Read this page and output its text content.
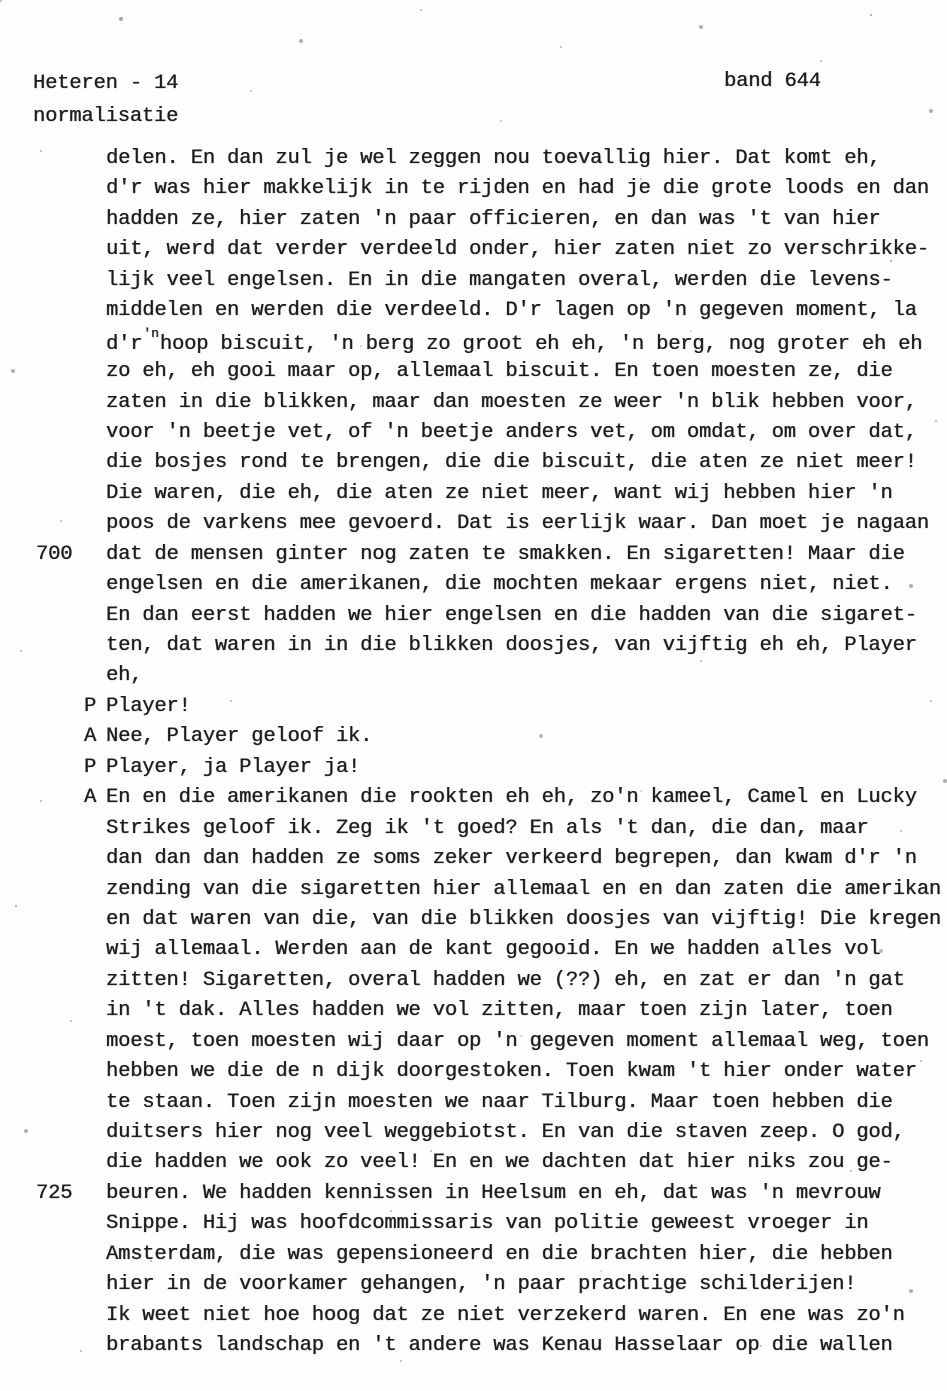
Heteren - 14	band 644
normalisatie
delen. En dan zul je wel zeggen nou toevallig hier. Dat komt eh,
d'r was hier makkelijk in te rijden en had je die grote loods en dan
hadden ze, hier zaten 'n paar officieren, en dan was 't van hier
uit, werd dat verder verdeeld onder, hier zaten niet zo verschrikke-
lijk veel engelsen. En in die mangaten overal, werden die levens-
middelen en werden die verdeeld. D'r lagen op 'n gegeven moment, la
$d'r^{'n}hoop$ biscuit, 'n berg zo groot eh eh, 'n berg, nog groter eh eh
zo eh, eh gooi maar op, allemaal biscuit. En toen moesten ze, die
zaten in die blikken, maar dan moesten ze weer 'n blik hebben voor,
voor 'n beetje vet, of 'n beetje anders vet, om omdat, om over dat,
die bosjes rond te brengen, die die biscuit, die aten ze niet meer!
Die waren, die eh, die aten ze niet meer, want wij hebben hier 'n
poos de varkens mee gevoerd. Dat is eerlijk waar. Dan moet je nagaan
700 dat de mensen ginter nog zaten te smakken. En sigaretten! Maar die
engelsen en die amerikanen, die mochten mekaar ergens niet, niet.
En dan eerst hadden we hier engelsen en die hadden van die sigaret-
ten, dat waren in in die blikken doosjes, van vijftig eh eh, Player
eh,
P Player!
A Nee, Player geloof ik.
P Player, ja Player ja!
A En en die amerikanen die rookten eh eh, zo'n kameel, Camel en Lucky
Strikes geloof ik. Zeg ik 't goed? En als 't dan, die dan, maar
dan dan dan hadden ze soms zeker verkeerd begrepen, dan kwam d'r 'n
zending van die sigaretten hier allemaal en en dan zaten die amerikan
en dat waren van die, van die blikken doosjes van vijftig! Die kregen
wij allemaal. Werden aan de kant gegooid. En we hadden alles vol
zitten! Sigaretten, overal hadden we (??) eh, en zat er dan 'n gat
in 't dak. Alles hadden we vol zitten, maar toen zijn later, toen
moest, toen moesten wij daar op 'n gegeven moment allemaal weg, toen
hebben we die de n dijk doorgestoken. Toen kwam 't hier onder water
te staan. Toen zijn moesten we naar Tilburg. Maar toen hebben die
duitsers hier nog veel weggebiotst. En van die staven zeep. O god,
die hadden we ook zo veel! En en we dachten dat hier niks zou ge-
725 beuren. We hadden kennissen in Heelsum en eh, dat was 'n mevrouw
Snippe. Hij was hoofdcommissaris van politie geweest vroeger in
Amsterdam, die was gepensioneerd en die brachten hier, die hebben
hier in de voorkamer gehangen, 'n paar prachtige schilderijen!
Ik weet niet hoe hoog dat ze niet verzekerd waren. En ene was zo'n
brabants landschap en 't andere was Kenau Hasselaar op die wallen
